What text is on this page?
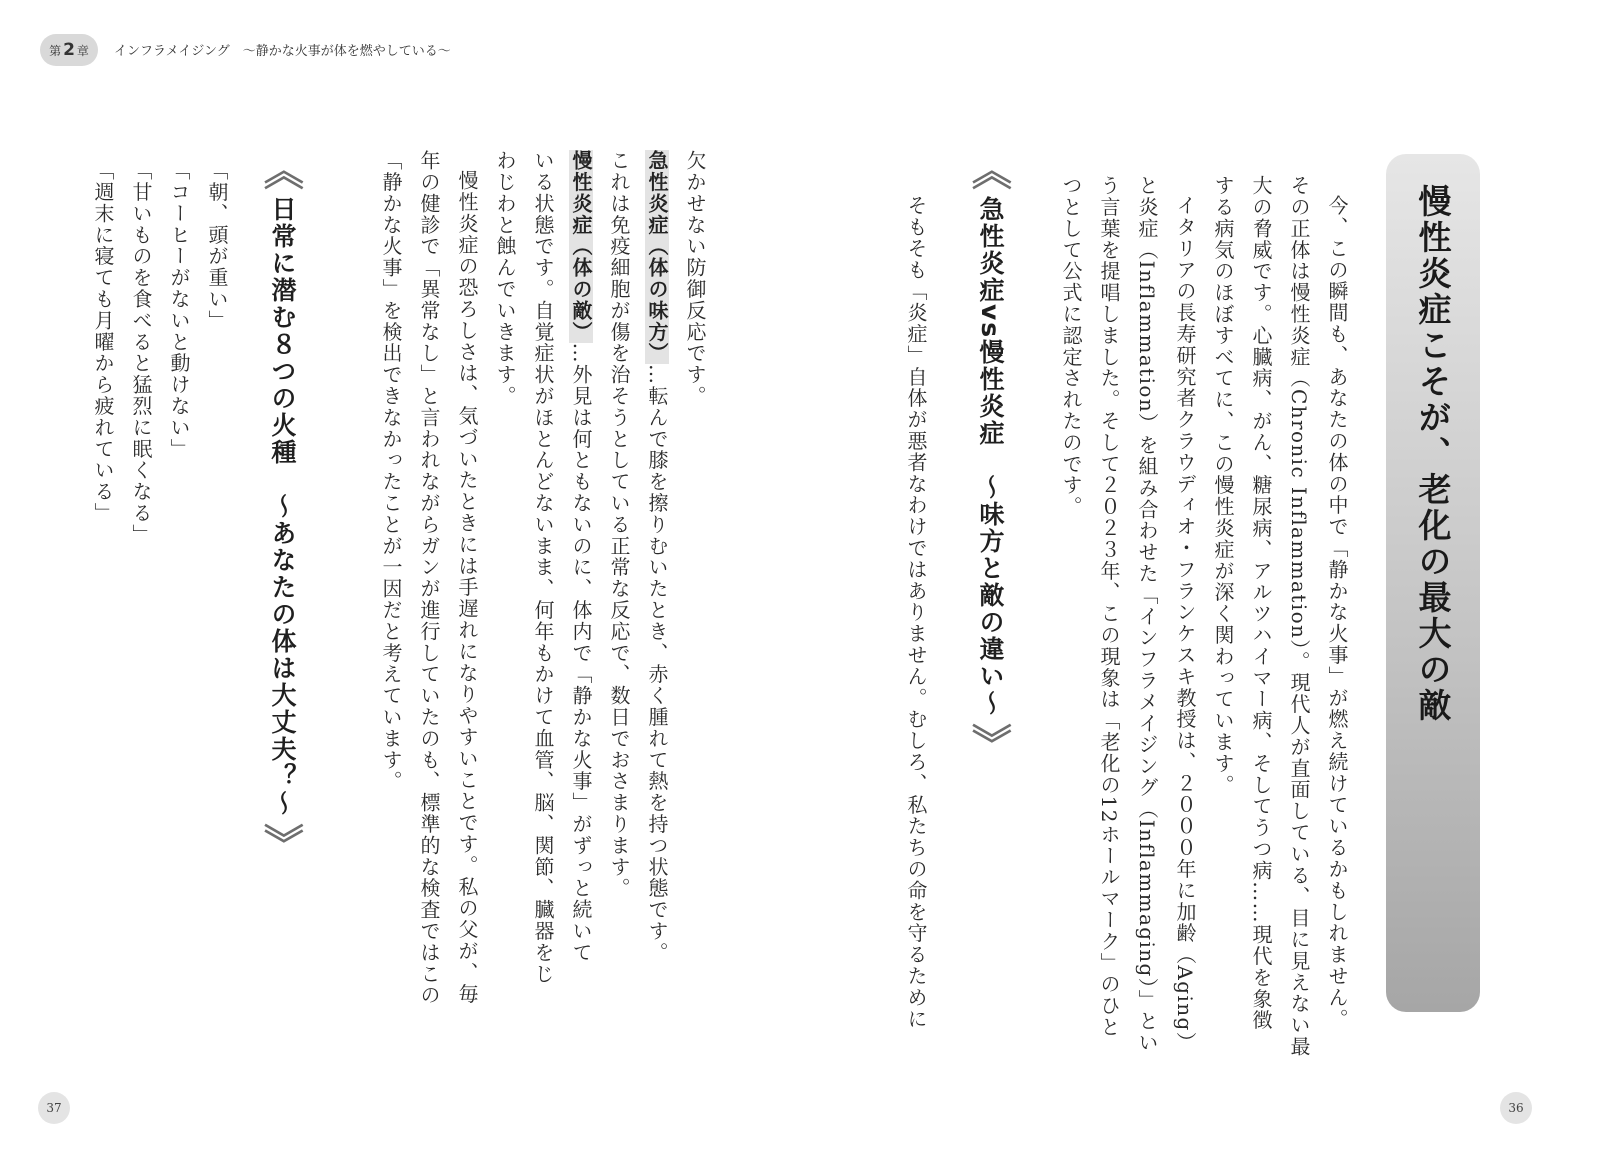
第 2 章 インフラメイジング　〜静かな火事が体を燃やしている〜
慢性炎症こそが、老化の最大の敵
今、この瞬間も、あなたの体の中で「静かな火事」が燃え続けているかもしれません。
その正体は慢性炎症（Chronic Inflammation）。現代人が直面している、目に見えない最
大の脅威です。心臓病、がん、糖尿病、アルツハイマー病、そしてうつ病……現代を象徴
する病気のほぼすべてに、この慢性炎症が深く関わっています。
イタリアの長寿研究者クラウディオ・フランケスキ教授は、２０００年に加齢（Aging）
と炎症（Inflammation）を組み合わせた「インフラメイジング（Inflammaging）」とい
う言葉を提唱しました。そして２０２３年、この現象は「老化の12ホールマーク」のひと
つとして公式に認定されたのです。
《
急性炎症vs慢性炎症　〜味方と敵の違い〜
》
そもそも「炎症」自体が悪者なわけではありません。むしろ、私たちの命を守るために
36
欠かせない防御反応です。
急性炎症（体の味方）…転んで膝を擦りむいたとき、赤く腫れて熱を持つ状態です。
これは免疫細胞が傷を治そうとしている正常な反応で、数日でおさまります。
慢性炎症（体の敵）…外見は何ともないのに、体内で「静かな火事」がずっと続いて
いる状態です。自覚症状がほとんどないまま、何年もかけて血管、脳、関節、臓器をじ
わじわと蝕んでいきます。
慢性炎症の恐ろしさは、気づいたときには手遅れになりやすいことです。私の父が、毎
年の健診で「異常なし」と言われながらガンが進行していたのも、標準的な検査ではこの
「静かな火事」を検出できなかったことが一因だと考えています。
《
日常に潜む８つの火種　〜あなたの体は大丈夫？〜
》
「朝、頭が重い」
「コーヒーがないと動けない」
「甘いものを食べると猛烈に眠くなる」
「週末に寝ても月曜から疲れている」
37
